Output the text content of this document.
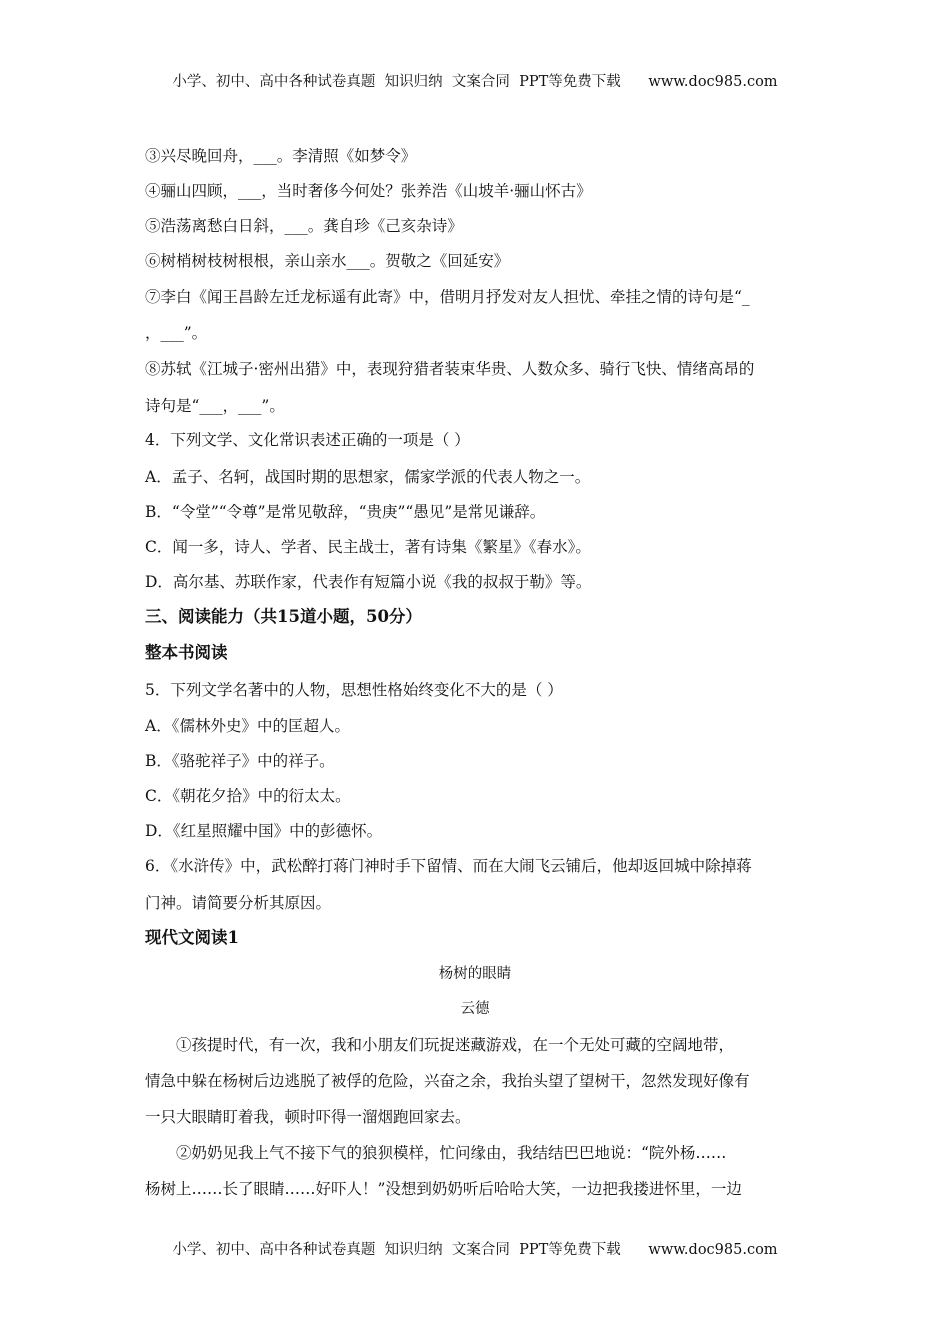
小学、初中、高中各种试卷真题  知识归纳  文案合同  PPT等免费下载      www.doc985.com
③兴尽晚回舟，___。李清照《如梦令》
④骊山四顾，___，当时奢侈今何处？张养浩《山坡羊·骊山怀古》
⑤浩荡离愁白日斜，___。龚自珍《己亥杂诗》
⑥树梢树枝树根根，亲山亲水___。贺敬之《回延安》
⑦李白《闻王昌龄左迁龙标遥有此寄》中，借明月抒发对友人担忧、牵挂之情的诗句是“_
，___”。
⑧苏轼《江城子·密州出猎》中，表现狩猎者装束华贵、人数众多、骑行飞快、情绪高昂的
诗句是“___，___”。
4．下列文学、文化常识表述正确的一项是（ ）
A．孟子、名轲，战国时期的思想家，儒家学派的代表人物之一。
B．“令堂”“令尊”是常见敬辞，“贵庚”“愚见”是常见谦辞。
C．闻一多，诗人、学者、民主战士，著有诗集《繁星》《春水》。
D．高尔基、苏联作家，代表作有短篇小说《我的叔叔于勒》等。
三、阅读能力（共15道小题，50分）
整本书阅读
5．下列文学名著中的人物，思想性格始终变化不大的是（ ）
A．《儒林外史》中的匡超人。
B．《骆驼祥子》中的祥子。
C．《朝花夕拾》中的衍太太。
D．《红星照耀中国》中的彭德怀。
6．《水浒传》中，武松醉打蒋门神时手下留情、而在大闹飞云铺后，他却返回城中除掉蒋
门神。请简要分析其原因。
现代文阅读1
杨树的眼睛
云德
①孩提时代，有一次，我和小朋友们玩捉迷藏游戏，在一个无处可藏的空阔地带，
情急中躲在杨树后边逃脱了被俘的危险，兴奋之余，我抬头望了望树干，忽然发现好像有
一只大眼睛盯着我，顿时吓得一溜烟跑回家去。
②奶奶见我上气不接下气的狼狈模样，忙问缘由，我结结巴巴地说：“院外杨……
杨树上……长了眼睛……好吓人！”没想到奶奶听后哈哈大笑，一边把我搂进怀里，一边
小学、初中、高中各种试卷真题  知识归纳  文案合同  PPT等免费下载      www.doc985.com
